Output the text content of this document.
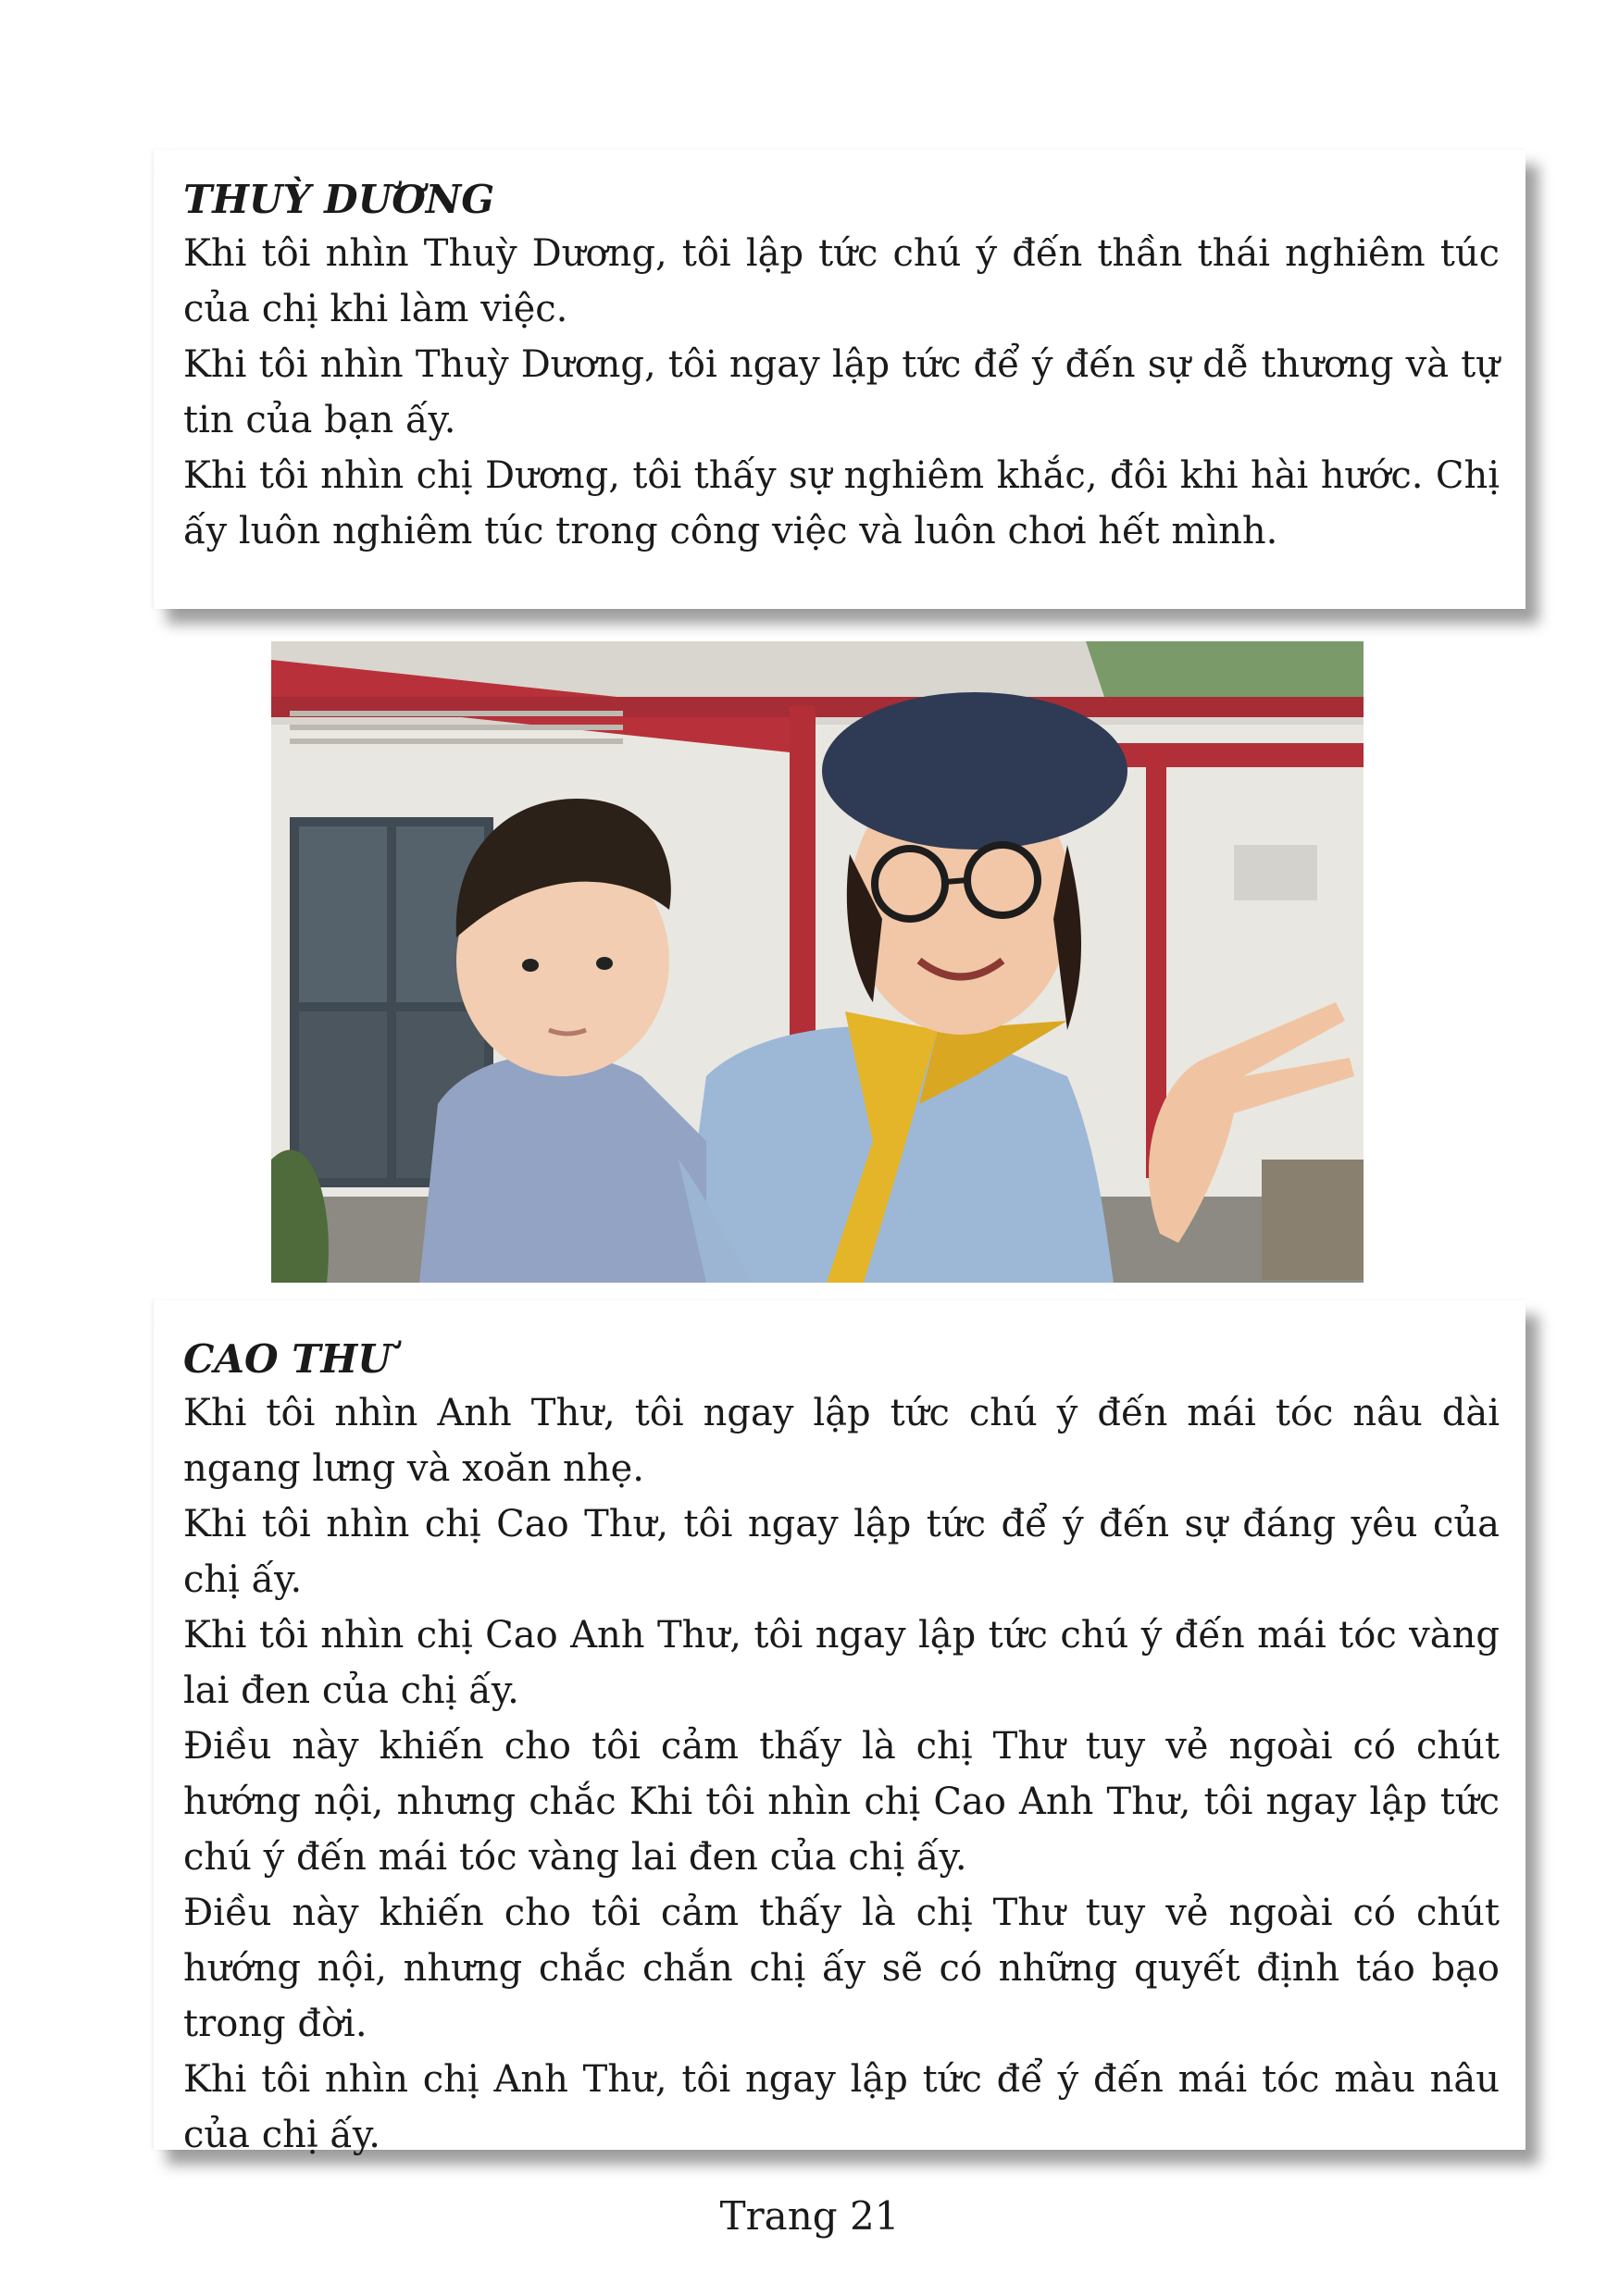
THUỲ DƯƠNG

Khi tôi nhìn Thuỳ Dương, tôi lập tức chú ý đến thần thái nghiêm túc của chị khi làm việc.

Khi tôi nhìn Thuỳ Dương, tôi ngay lập tức để ý đến sự dễ thương và tự tin của bạn ấy.

Khi tôi nhìn chị Dương, tôi thấy sự nghiêm khắc, đôi khi hài hước. Chị ấy luôn nghiêm túc trong công việc và luôn chơi hết mình.

CAO THƯ

Khi tôi nhìn Anh Thư, tôi ngay lập tức chú ý đến mái tóc nâu dài ngang lưng và xoăn nhẹ.

Khi tôi nhìn chị Cao Thư, tôi ngay lập tức để ý đến sự đáng yêu của chị ấy.

Khi tôi nhìn chị Cao Anh Thư, tôi ngay lập tức chú ý đến mái tóc vàng lai đen của chị ấy.

Điều này khiến cho tôi cảm thấy là chị Thư tuy vẻ ngoài có chút hướng nội, nhưng chắc Khi tôi nhìn chị Cao Anh Thư, tôi ngay lập tức chú ý đến mái tóc vàng lai đen của chị ấy.

Điều này khiến cho tôi cảm thấy là chị Thư tuy vẻ ngoài có chút hướng nội, nhưng chắc chắn chị ấy sẽ có những quyết định táo bạo trong đời.

Khi tôi nhìn chị Anh Thư, tôi ngay lập tức để ý đến mái tóc màu nâu của chị ấy.

Trang 21
